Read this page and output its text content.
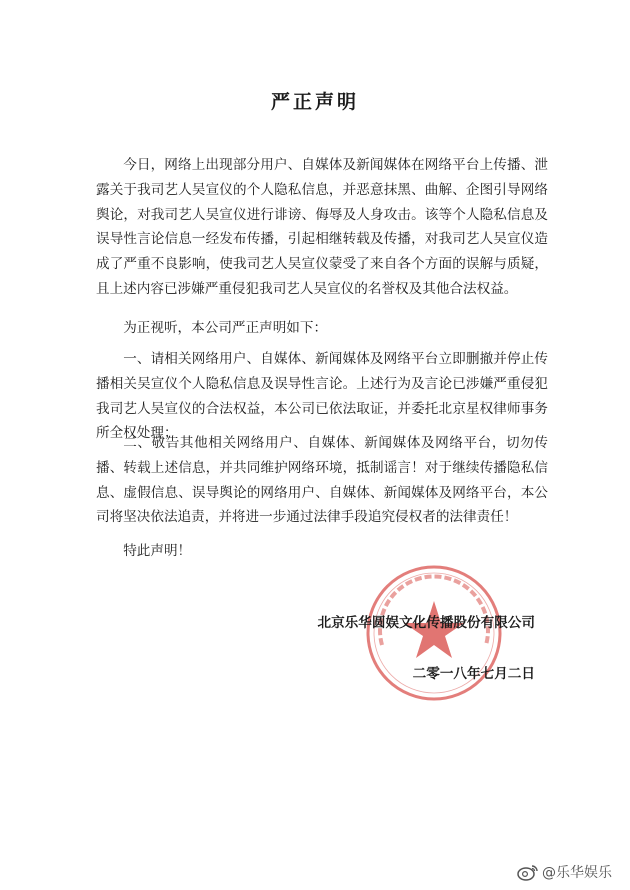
严正声明

今日，网络上出现部分用户、自媒体及新闻媒体在网络平台上传播、泄露关于我司艺人吴宣仪的个人隐私信息，并恶意抹黑、曲解、企图引导网络舆论，对我司艺人吴宣仪进行诽谤、侮辱及人身攻击。该等个人隐私信息及误导性言论信息一经发布传播，引起相继转载及传播，对我司艺人吴宣仪造成了严重不良影响，使我司艺人吴宣仪蒙受了来自各个方面的误解与质疑，且上述内容已涉嫌严重侵犯我司艺人吴宣仪的名誉权及其他合法权益。

为正视听，本公司严正声明如下：

一、请相关网络用户、自媒体、新闻媒体及网络平台立即删撤并停止传播相关吴宣仪个人隐私信息及误导性言论。上述行为及言论已涉嫌严重侵犯我司艺人吴宣仪的合法权益，本公司已依法取证，并委托北京星权律师事务所全权处理；

二、敬告其他相关网络用户、自媒体、新闻媒体及网络平台，切勿传播、转载上述信息，并共同维护网络环境，抵制谣言！对于继续传播隐私信息、虚假信息、误导舆论的网络用户、自媒体、新闻媒体及网络平台，本公司将坚决依法追责，并将进一步通过法律手段追究侵权者的法律责任！

特此声明！

北京乐华圆娱文化传播股份有限公司
二零一八年七月二日
@乐华娱乐
